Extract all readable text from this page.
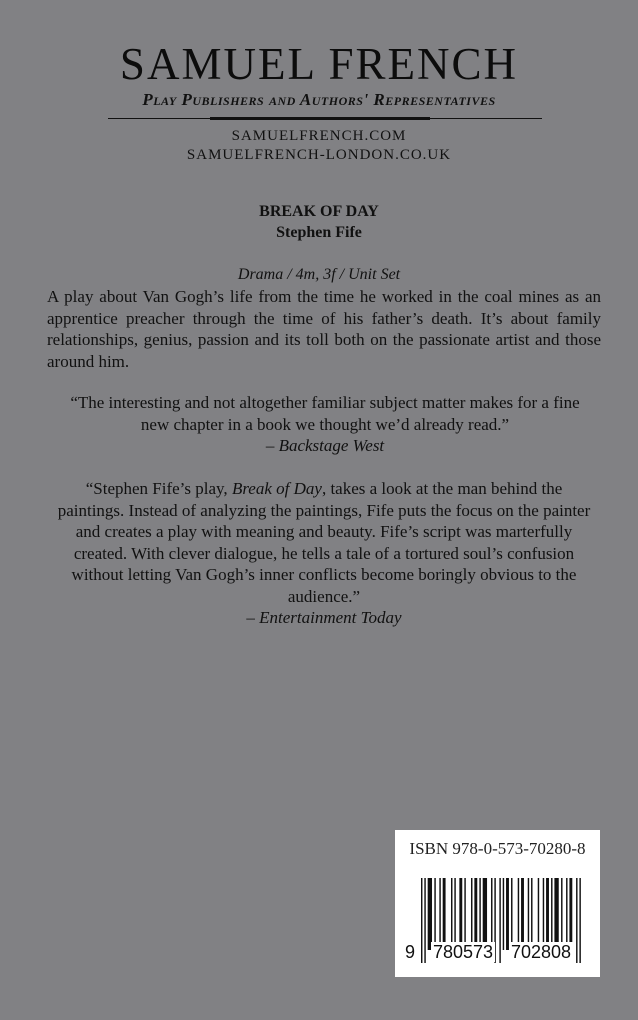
SAMUEL FRENCH
Play Publishers and Authors' Representatives
SAMUELFRENCH.COM
SAMUELFRENCH-LONDON.CO.UK
BREAK OF DAY
Stephen Fife
Drama / 4m, 3f / Unit Set
A play about Van Gogh’s life from the time he worked in the coal mines as an apprentice preacher through the time of his father’s death. It’s about family relationships, genius, passion and its toll both on the passionate artist and those around him.
“The interesting and not altogether familiar subject matter makes for a fine new chapter in a book we thought we’d already read.”
– Backstage West
“Stephen Fife’s play, Break of Day, takes a look at the man behind the paintings. Instead of analyzing the paintings, Fife puts the focus on the painter and creates a play with meaning and beauty. Fife’s script was marterfully created. With clever dialogue, he tells a tale of a tortured soul’s confusion without letting Van Gogh’s inner conflicts become boringly obvious to the audience.”
– Entertainment Today
ISBN 978-0-573-70280-8
9 780573 702808
